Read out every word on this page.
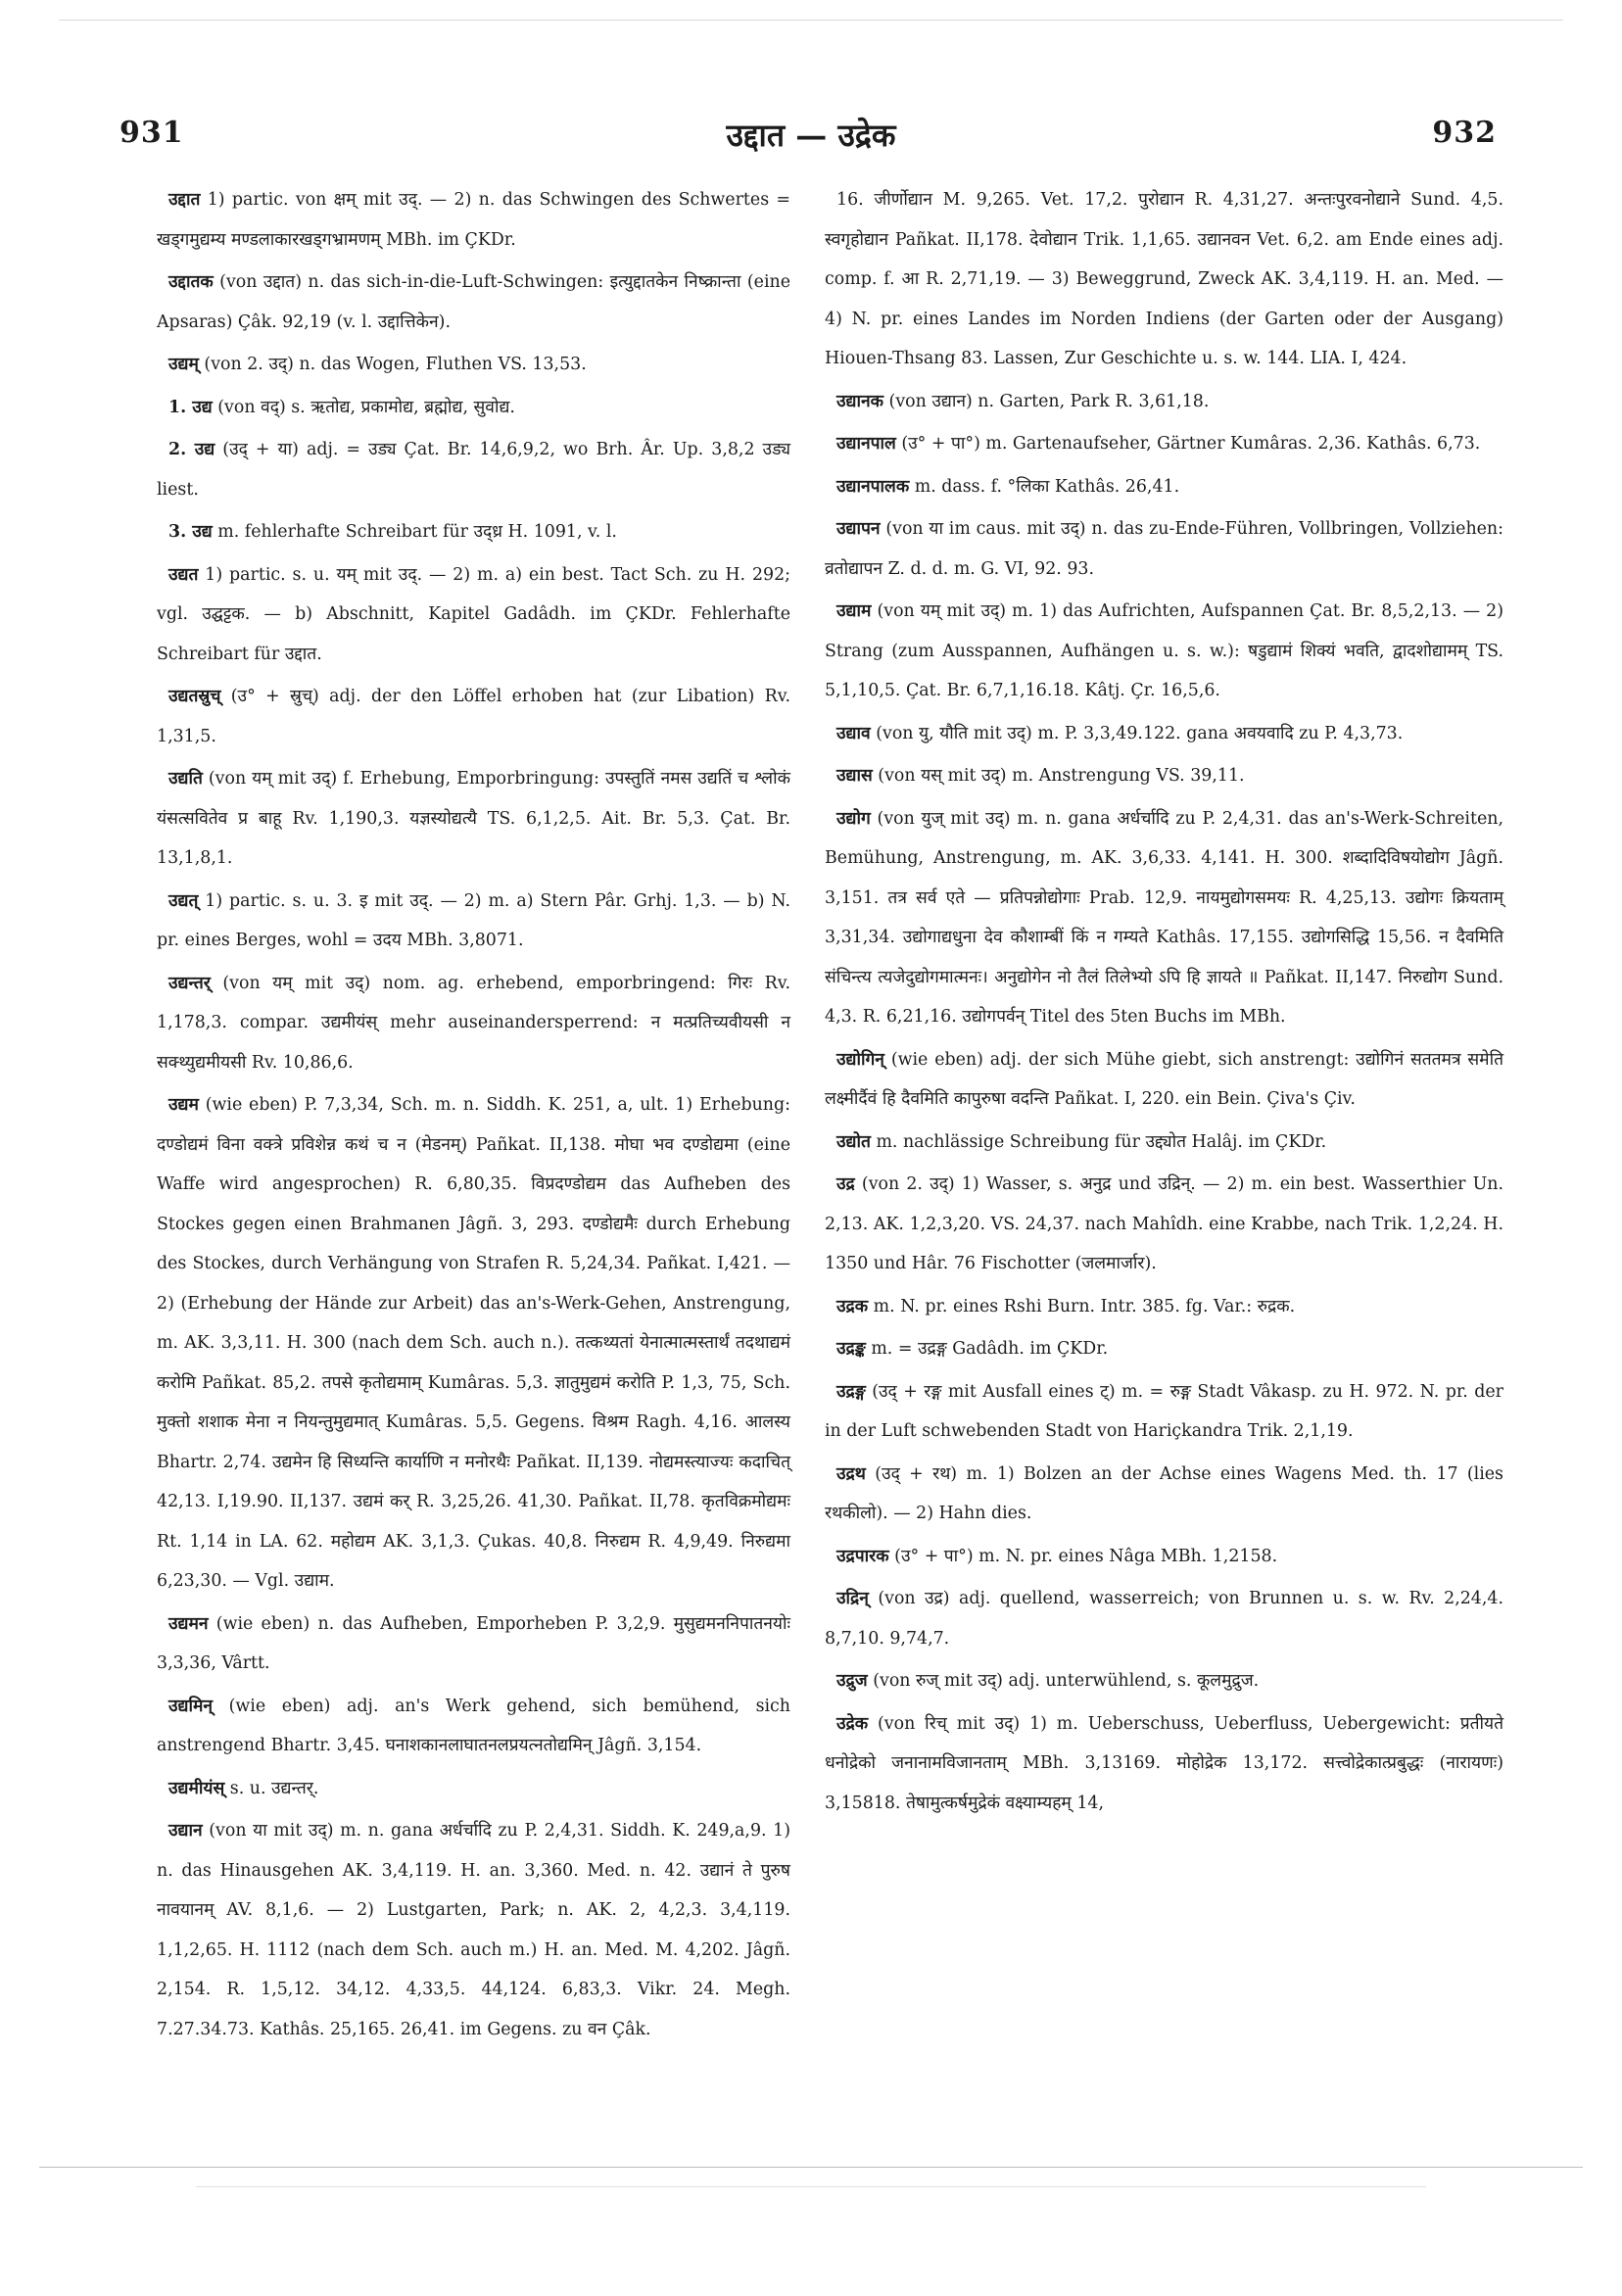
931	उद्दात — उद्रेक	932

उद्दात 1) partic. von क्षम् mit उद्. — 2) n. das Schwingen des Schwertes = खड्गमुद्यम्य मण्डलाकारखड्गभ्रामणम् MBh. im ÇKDr.

उद्दातक (von उद्दात) n. das sich-in-die-Luft-Schwingen: इत्युद्दातकेन निष्क्रान्ता (eine Apsaras) Çâk. 92,19 (v. l. उद्दात्तिकेन).

उद्यम् (von 2. उद्) n. das Wogen, Fluthen VS. 13,53.

1. उद्य (von वद्) s. ऋतोद्य, प्रकामोद्य, ब्रह्मोद्य, सुवोद्य.

2. उद्य (उद् + या) adj. = उड्य Çat. Br. 14,6,9,2, wo Brh. Âr. Up. 3,8,2 उड्य liest.

3. उद्य m. fehlerhafte Schreibart für उद्ध्र H. 1091, v. l.

उद्यत 1) partic. s. u. यम् mit उद्. — 2) m. a) ein best. Tact Sch. zu H. 292; vgl. उद्घट्टक. — b) Abschnitt, Kapitel Gadâdh. im ÇKDr. Fehlerhafte Schreibart für उद्दात.

उद्यतस्रुच् (उ° + स्रुच्) adj. der den Löffel erhoben hat (zur Libation) Rv. 1,31,5.

उद्यति (von यम् mit उद्) f. Erhebung, Emporbringung: उपस्तुतिं नमस उद्यतिं च श्लोकं यंसत्सवितेव प्र बाहू Rv. 1,190,3. यज्ञस्योद्यत्यै TS. 6,1,2,5. Ait. Br. 5,3. Çat. Br. 13,1,8,1.

उद्यत् 1) partic. s. u. 3. इ mit उद्. — 2) m. a) Stern Pâr. Grhj. 1,3. — b) N. pr. eines Berges, wohl = उदय MBh. 3,8071.

उद्यन्तर् (von यम् mit उद्) nom. ag. erhebend, emporbringend: गिरः Rv. 1,178,3. compar. उद्यमीयंस् mehr auseinandersperrend: न मत्प्रतिच्यवीयसी न सक्थ्युद्यमीयसी Rv. 10,86,6.

उद्यम (wie eben) P. 7,3,34, Sch. m. n. Siddh. K. 251, a, ult. 1) Erhebung: दण्डोद्यमं विना वक्त्रे प्रविशेन्न कथं च न (मेडनम्) Pañkat. II,138. मोघा भव दण्डोद्यमा (eine Waffe wird angesprochen) R. 6,80,35. विप्रदण्डोद्यम das Aufheben des Stockes gegen einen Brahmanen Jâgñ. 3, 293. दण्डोद्यमैः durch Erhebung des Stockes, durch Verhängung von Strafen R. 5,24,34. Pañkat. I,421. — 2) (Erhebung der Hände zur Arbeit) das an's-Werk-Gehen, Anstrengung, m. AK. 3,3,11. H. 300 (nach dem Sch. auch n.). तत्कथ्यतां येनात्मात्मस्तार्थं तदथाद्यमं करोमि Pañkat. 85,2. तपसे कृतोद्यमाम् Kumâras. 5,3. ज्ञातुमुद्यमं करोति P. 1,3, 75, Sch. मुक्तो शशाक मेना न नियन्तुमुद्यमात् Kumâras. 5,5. Gegens. विश्रम Ragh. 4,16. आलस्य Bhartr. 2,74. उद्यमेन हि सिध्यन्ति कार्याणि न मनोरथैः Pañkat. II,139. नोद्यमस्त्याज्यः कदाचित् 42,13. I,19.90. II,137. उद्यमं कर् R. 3,25,26. 41,30. Pañkat. II,78. कृतविक्रमोद्यमः Rt. 1,14 in LA. 62. महोद्यम AK. 3,1,3. Çukas. 40,8. निरुद्यम R. 4,9,49. निरुद्यमा 6,23,30. — Vgl. उद्याम.

उद्यमन (wie eben) n. das Aufheben, Emporheben P. 3,2,9. मुसुद्यमननिपातनयोः 3,3,36, Vârtt.

उद्यमिन् (wie eben) adj. an's Werk gehend, sich bemühend, sich anstrengend Bhartr. 3,45. घनाशकानलाघातनलप्रयत्नतोद्यमिन् Jâgñ. 3,154.

उद्यमीयंस् s. u. उद्यन्तर्.

उद्यान (von या mit उद्) m. n. gana अर्धर्चादि zu P. 2,4,31. Siddh. K. 249,a,9. 1) n. das Hinausgehen AK. 3,4,119. H. an. 3,360. Med. n. 42. उद्यानं ते पुरुष नावयानम् AV. 8,1,6. — 2) Lustgarten, Park; n. AK. 2, 4,2,3. 3,4,119. 1,1,2,65. H. 1112 (nach dem Sch. auch m.) H. an. Med. M. 4,202. Jâgñ. 2,154. R. 1,5,12. 34,12. 4,33,5. 44,124. 6,83,3. Vikr. 24. Megh. 7.27.34.73. Kathâs. 25,165. 26,41. im Gegens. zu वन Çâk.

16. जीर्णोद्यान M. 9,265. Vet. 17,2. पुरोद्यान R. 4,31,27. अन्तःपुरवनोद्याने Sund. 4,5. स्वगृहोद्यान Pañkat. II,178. देवोद्यान Trik. 1,1,65. उद्यानवन Vet. 6,2. am Ende eines adj. comp. f. आ R. 2,71,19. — 3) Beweggrund, Zweck AK. 3,4,119. H. an. Med. — 4) N. pr. eines Landes im Norden Indiens (der Garten oder der Ausgang) Hiouen-Thsang 83. Lassen, Zur Geschichte u. s. w. 144. LIA. I, 424.

उद्यानक (von उद्यान) n. Garten, Park R. 3,61,18.

उद्यानपाल (उ° + पा°) m. Gartenaufseher, Gärtner Kumâras. 2,36. Kathâs. 6,73.

उद्यानपालक m. dass. f. °लिका Kathâs. 26,41.

उद्यापन (von या im caus. mit उद्) n. das zu-Ende-Führen, Vollbringen, Vollziehen: व्रतोद्यापन Z. d. d. m. G. VI, 92. 93.

उद्याम (von यम् mit उद्) m. 1) das Aufrichten, Aufspannen Çat. Br. 8,5,2,13. — 2) Strang (zum Ausspannen, Aufhängen u. s. w.): षडुद्यामं शिक्यं भवति, द्वादशोद्यामम् TS. 5,1,10,5. Çat. Br. 6,7,1,16.18. Kâtj. Çr. 16,5,6.

उद्याव (von यु, यौति mit उद्) m. P. 3,3,49.122. gana अवयवादि zu P. 4,3,73.

उद्यास (von यस् mit उद्) m. Anstrengung VS. 39,11.

उद्योग (von युज् mit उद्) m. n. gana अर्धर्चादि zu P. 2,4,31. das an's-Werk-Schreiten, Bemühung, Anstrengung, m. AK. 3,6,33. 4,141. H. 300. शब्दादिविषयोद्योग Jâgñ. 3,151. तत्र सर्व एते — प्रतिपन्नोद्योगाः Prab. 12,9. नायमुद्योगसमयः R. 4,25,13. उद्योगः क्रियताम् 3,31,34. उद्योगाद्यधुना देव कौशाम्बीं किं न गम्यते Kathâs. 17,155. उद्योगसिद्धि 15,56. न दैवमिति संचिन्त्य त्यजेदुद्योगमात्मनः। अनुद्योगेन नो तैलं तिलेभ्यो ऽपि हि ज्ञायते ॥ Pañkat. II,147. निरुद्योग Sund. 4,3. R. 6,21,16. उद्योगपर्वन् Titel des 5ten Buchs im MBh.

उद्योगिन् (wie eben) adj. der sich Mühe giebt, sich anstrengt: उद्योगिनं सततमत्र समेति लक्ष्मीर्दैवं हि दैवमिति कापुरुषा वदन्ति Pañkat. I, 220. ein Bein. Çiva's Çiv.

उद्योत m. nachlässige Schreibung für उद्द्योत Halâj. im ÇKDr.

उद्र (von 2. उद्) 1) Wasser, s. अनुद्र und उद्रिन्. — 2) m. ein best. Wasserthier Un. 2,13. AK. 1,2,3,20. VS. 24,37. nach Mahîdh. eine Krabbe, nach Trik. 1,2,24. H. 1350 und Hâr. 76 Fischotter (जलमार्जार).

उद्रक m. N. pr. eines Rshi Burn. Intr. 385. fg. Var.: रुद्रक.

उद्रङ्क m. = उद्रङ्ग Gadâdh. im ÇKDr.

उद्रङ्ग (उद् + रङ्ग mit Ausfall eines ट्) m. = रुङ्ग Stadt Vâkasp. zu H. 972. N. pr. der in der Luft schwebenden Stadt von Hariçkandra Trik. 2,1,19.

उद्रथ (उद् + रथ) m. 1) Bolzen an der Achse eines Wagens Med. th. 17 (lies रथकीलो). — 2) Hahn dies.

उद्रपारक (उ° + पा°) m. N. pr. eines Nâga MBh. 1,2158.

उद्रिन् (von उद्र) adj. quellend, wasserreich; von Brunnen u. s. w. Rv. 2,24,4. 8,7,10. 9,74,7.

उद्रुज (von रुज् mit उद्) adj. unterwühlend, s. कूलमुद्रुज.

उद्रेक (von रिच् mit उद्) 1) m. Ueberschuss, Ueberfluss, Uebergewicht: प्रतीयते धनोद्रेको जनानामविजानताम् MBh. 3,13169. मोहोद्रेक 13,172. सत्त्वोद्रेकात्प्रबुद्धः (नारायणः) 3,15818. तेषामुत्कर्षमुद्रेकं वक्ष्याम्यहम् 14,
